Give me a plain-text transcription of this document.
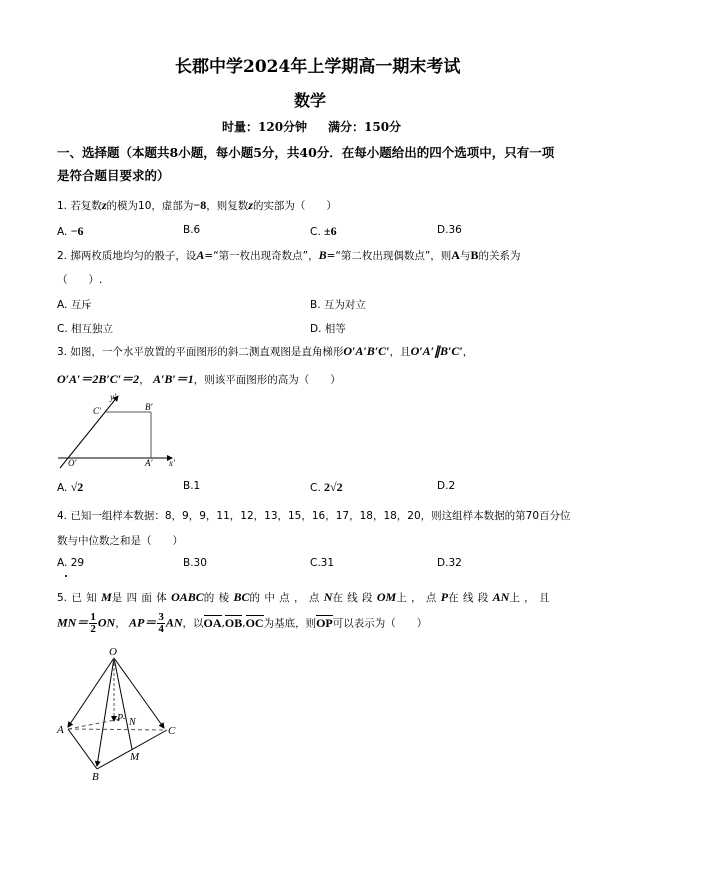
长郡中学2024年上学期高一期末考试
数学
时量：120分钟 满分：150分
一、选择题（本题共8小题，每小题5分，共40分．在每小题给出的四个选项中，只有一项
是符合题目要求的）
1. 若复数z的模为10，虚部为−8，则复数z的实部为（　　）
A. −6	B.6	C. ±6	D.36
2. 掷两枚质地均匀的骰子，设A=“第一枚出现奇数点”，B=“第二枚出现偶数点”，则A与B的关系为
（　　）.
A. 互斥	B. 互为对立
C. 相互独立	D. 相等
3. 如图，一个水平放置的平面图形的斜二测直观图是直角梯形O′A′B′C′，且O′A′∥B′C′，
O′A′＝2B′C′＝2， A′B′＝1，则该平面图形的高为（　　）
y′
C′	B′
O′	A′ x′
A. √2	B.1	C. 2√2	D.2
4. 已知一组样本数据：8，9，9，11，12，13，15，16，17，18，18，20，则这组样本数据的第70百分位
数与中位数之和是（　　）
A. 29	B.30	C.31	D.32
5. 已 知 M是 四 面 体 OABC的 棱 BC的 中 点 ， 点 N在 线 段 OM上 ， 点 P在 线 段 AN上 ， 且
$MN= \frac{1}{2}$ ON， $AP= \frac{3}{4}$ AN，以OA,OB,OC为基底，则OP可以表示为（　　）
O
A	C
B
M
P N
